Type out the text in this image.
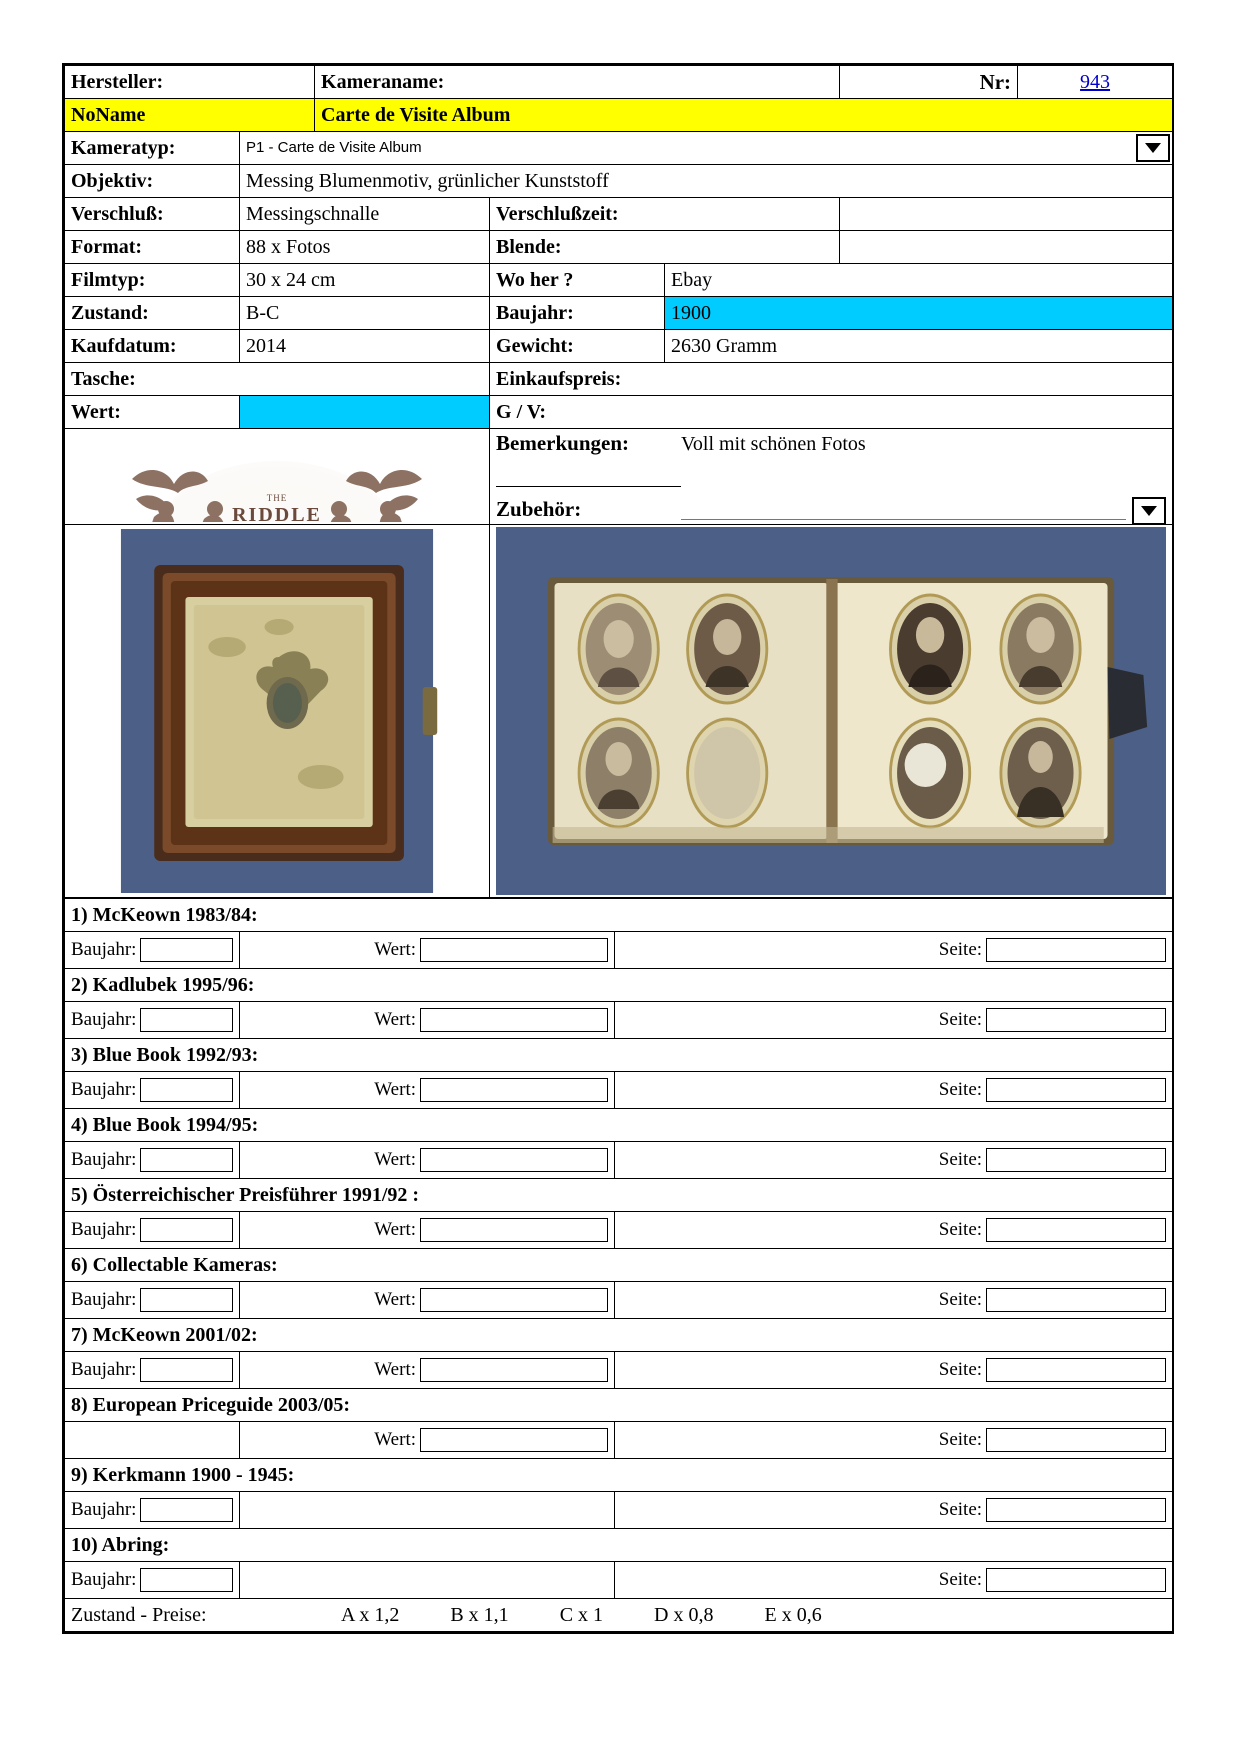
Hersteller:		Kameraname:			Nr:	943
NoName		Carte de Visite Album				
Kameratyp:	P1 - Carte de Visite Album					

Objektiv:	Messing Blumenmotiv, grünlicher Kunststoff					
Verschluß:	Messingschnalle		Verschlußzeit:			
Format:	88 x Fotos		Blende:			
Filmtyp:	30 x 24 cm		Wo her ?	Ebay		
Zustand:	B-C		Baujahr:	1900		
Kaufdatum:	2014		Gewicht:	2630 Gramm		
Tasche:			Einkaufspreis:			
Wert:			G / V:			

THE
RIDDLE

Bemerkungen:	Voll mit schönen Fotos
Zubehör:

1) McKeown 1983/84:		

Baujahr:	Wert:	Seite:

2) Kadlubek 1995/96:		

Baujahr:	Wert:	Seite:

3) Blue Book 1992/93:		

Baujahr:	Wert:	Seite:

4) Blue Book 1994/95:		

Baujahr:	Wert:	Seite:

5) Österreichischer Preisführer 1991/92 :		

Baujahr:	Wert:	Seite:

6) Collectable Kameras:		

Baujahr:	Wert:	Seite:

7) McKeown 2001/02:		

Baujahr:	Wert:	Seite:

8) European Priceguide 2003/05:		

	Wert:	Seite:

9) Kerkmann 1900 - 1945:		

Baujahr:		Seite:

10) Abring:		

Baujahr:		Seite:

Zustand - Preise: A x 1,2 B x 1,1 C x 1 D x 0,8 E x 0,6		
